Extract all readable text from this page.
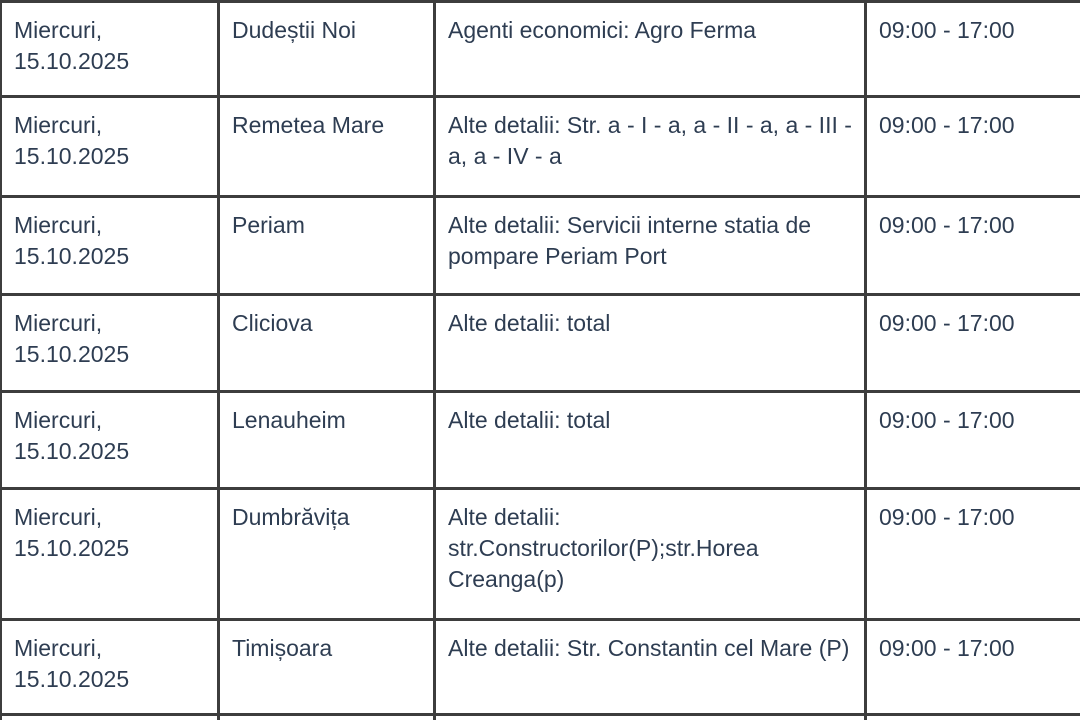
Miercuri,
15.10.2025	Dudeștii Noi	Agenti economici: Agro Ferma	09:00 - 17:00

Miercuri,
15.10.2025	Remetea Mare	Alte detalii: Str. a - I - a, a - II - a, a - III - a, a - IV - a	09:00 - 17:00

Miercuri,
15.10.2025	Periam	Alte detalii: Servicii interne statia de pompare Periam Port	09:00 - 17:00

Miercuri,
15.10.2025	Cliciova	Alte detalii: total	09:00 - 17:00

Miercuri,
15.10.2025	Lenauheim	Alte detalii: total	09:00 - 17:00

Miercuri,
15.10.2025	Dumbrăvița	Alte detalii: str.Constructorilor(P);str.Horea Creanga(p)	09:00 - 17:00

Miercuri,
15.10.2025	Timișoara	Alte detalii: Str. Constantin cel Mare (P)	09:00 - 17:00
